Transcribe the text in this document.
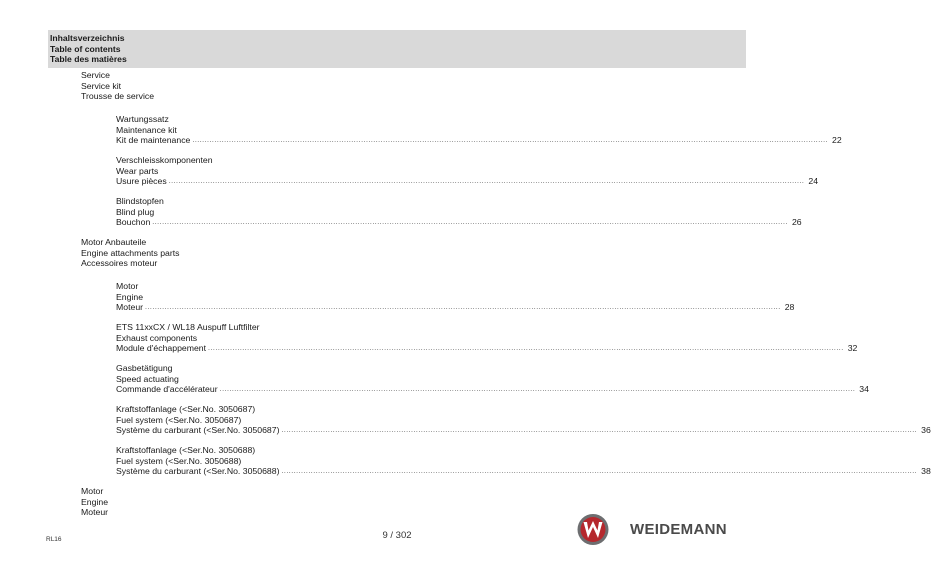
Inhaltsverzeichnis
Table of contents
Table des matières
Service
Service kit
Trousse de service
Wartungssatz
Maintenance kit
Kit de maintenance .................................................................................................................................................................................................................................................................... 22
Verschleisskomponenten
Wear parts
Usure pièces .................................................................................................................................................................................................................................................................... 24
Blindstopfen
Blind plug
Bouchon .................................................................................................................................................................................................................................................................... 26
Motor Anbauteile
Engine attachments parts
Accessoires moteur
Motor
Engine
Moteur .................................................................................................................................................................................................................................................................... 28
ETS 11xxCX / WL18 Auspuff Luftfilter
Exhaust components
Module d'échappement .................................................................................................................................................................................................................................................................... 32
Gasbetätigung
Speed actuating
Commande d'accélérateur .................................................................................................................................................................................................................................................................... 34
Kraftstoffanlage (<Ser.No. 3050687)
Fuel system (<Ser.No. 3050687)
Système du carburant (<Ser.No. 3050687) .................................................................................................................................................................................................................................................................... 36
Kraftstoffanlage (<Ser.No. 3050688)
Fuel system (<Ser.No. 3050688)
Système du carburant (<Ser.No. 3050688) .................................................................................................................................................................................................................................................................... 38
Motor
Engine
Moteur
RL16	9 / 302	WEIDEMANN
